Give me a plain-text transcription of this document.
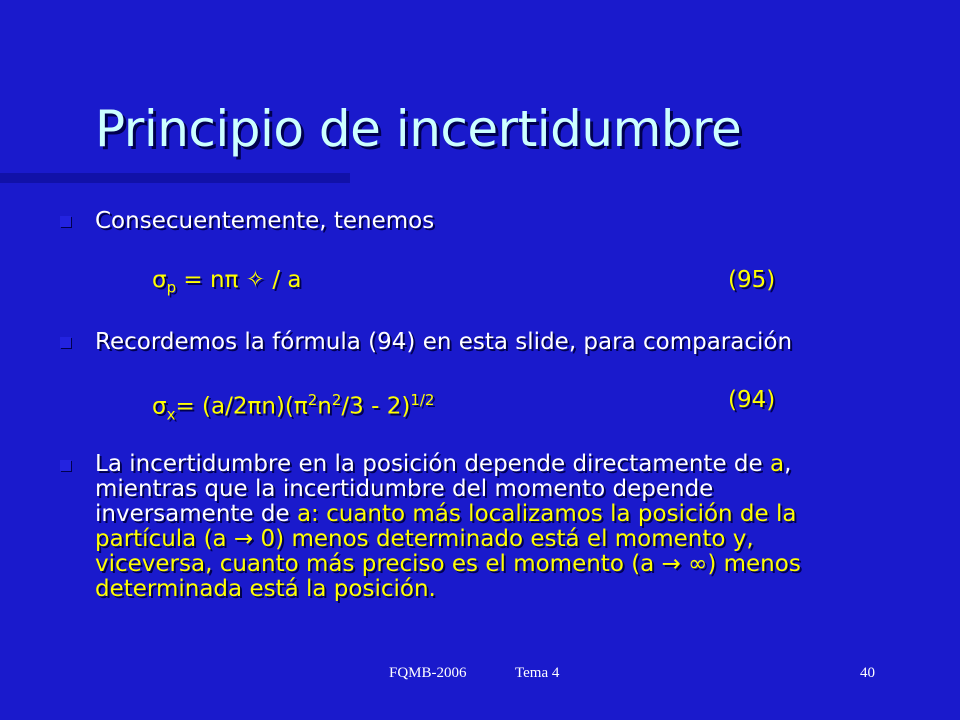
Principio de incertidumbre
Consecuentemente, tenemos
$\sigma_p = n\pi$ ✧ / a	(95)
Recordemos la fórmula (94) en esta slide, para comparación
$\sigma_x= (a/2\pi n)(\pi^2n^2/3 - 2)^{1/2}$	(94)
La incertidumbre en la posición depende directamente de a,
mientras que la incertidumbre del momento depende
inversamente de a: cuanto más localizamos la posición de la
partícula (a → 0) menos determinado está el momento y,
viceversa, cuanto más preciso es el momento (a → ∞) menos
determinada está la posición.
FQMB-2006	Tema 4	40
